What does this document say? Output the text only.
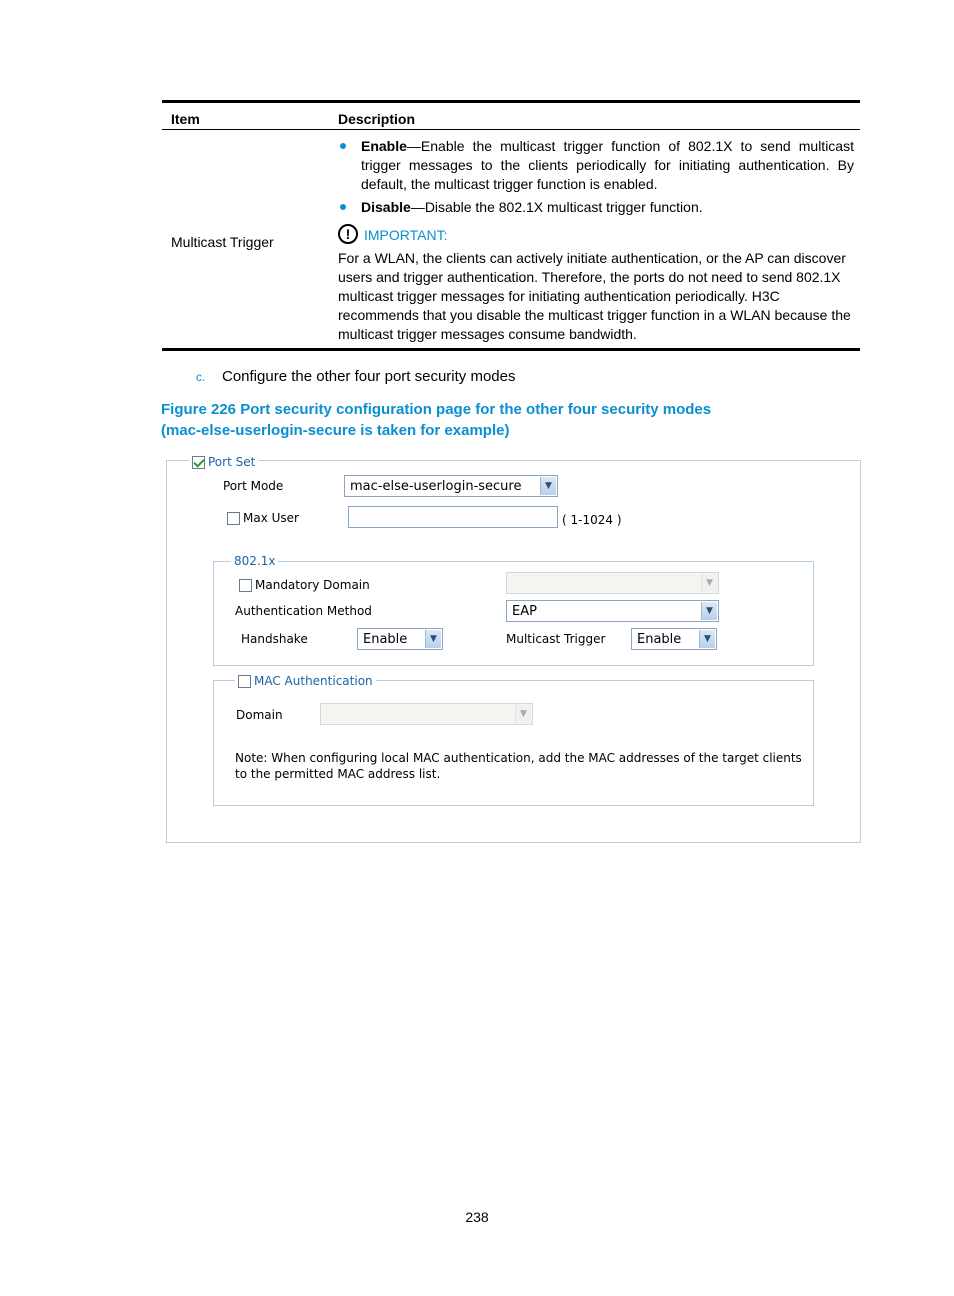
Item	Description
Multicast Trigger
Enable—Enable the multicast trigger function of 802.1X to send multicast trigger messages to the clients periodically for initiating authentication. By default, the multicast trigger function is enabled.
Disable—Disable the 802.1X multicast trigger function.
! IMPORTANT:
For a WLAN, the clients can actively initiate authentication, or the AP can discover users and trigger authentication. Therefore, the ports do not need to send 802.1X multicast trigger messages for initiating authentication periodically. H3C recommends that you disable the multicast trigger function in a WLAN because the multicast trigger messages consume bandwidth.
c. Configure the other four port security modes
Figure 226 Port security configuration page for the other four security modes
(mac-else-userlogin-secure is taken for example)
Port Set
Port Mode	mac-else-userlogin-secure	▼
Max User	( 1-1024 )
802.1x
Mandatory Domain	▼
Authentication Method	EAP	▼
Handshake	Enable	▼	Multicast Trigger Enable	▼
MAC Authentication
Domain	▼
Note: When configuring local MAC authentication, add the MAC addresses of the target clients to the permitted MAC address list.
238
